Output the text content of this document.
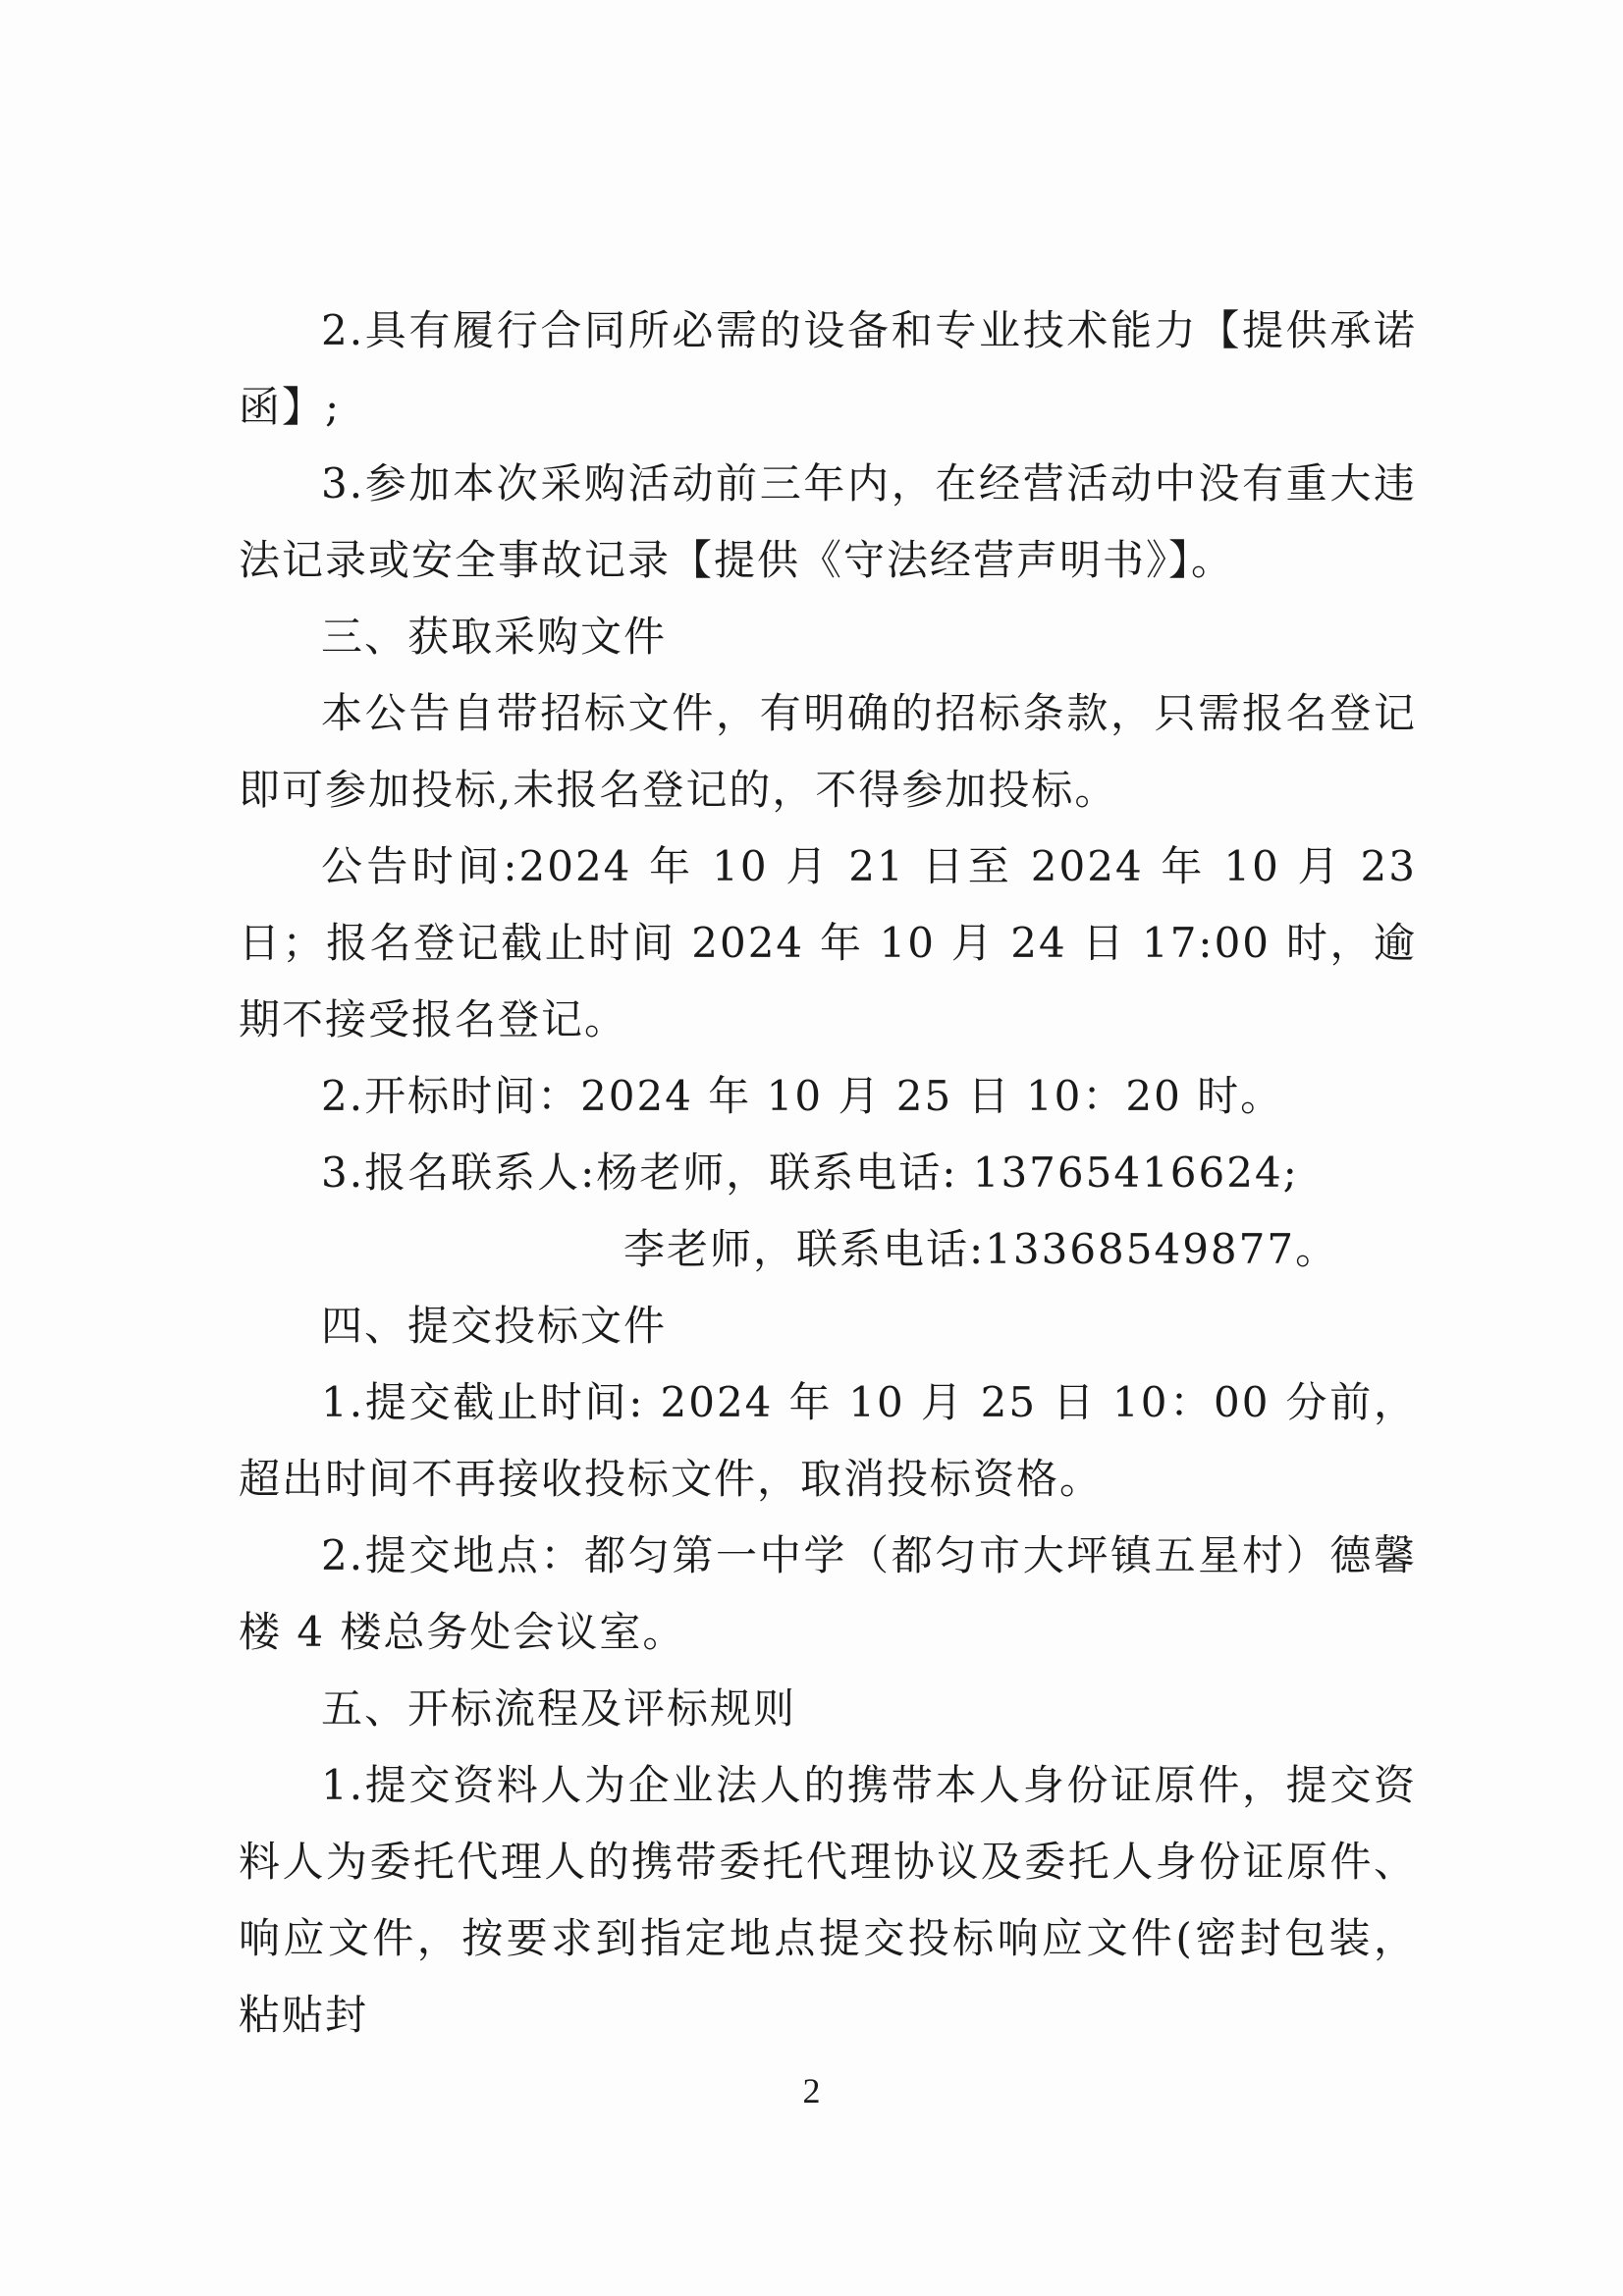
2.具有履行合同所必需的设备和专业技术能力【提供承诺函】;

3.参加本次采购活动前三年内，在经营活动中没有重大违法记录或安全事故记录【提供《守法经营声明书》】。

三、获取采购文件

本公告自带招标文件，有明确的招标条款，只需报名登记即可参加投标,未报名登记的，不得参加投标。

公告时间:2024 年 10 月 21 日至 2024 年 10 月 23 日；报名登记截止时间 2024 年 10 月 24 日 17:00 时，逾期不接受报名登记。

2.开标时间：2024 年 10 月 25 日 10：20 时。

3.报名联系人:杨老师，联系电话: 13765416624;

李老师，联系电话:13368549877。

四、提交投标文件

1.提交截止时间: 2024 年 10 月 25 日 10：00 分前，超出时间不再接收投标文件，取消投标资格。

2.提交地点：都匀第一中学（都匀市大坪镇五星村）德馨楼 4 楼总务处会议室。

五、开标流程及评标规则

1.提交资料人为企业法人的携带本人身份证原件，提交资料人为委托代理人的携带委托代理协议及委托人身份证原件、响应文件，按要求到指定地点提交投标响应文件(密封包装，粘贴封

2
